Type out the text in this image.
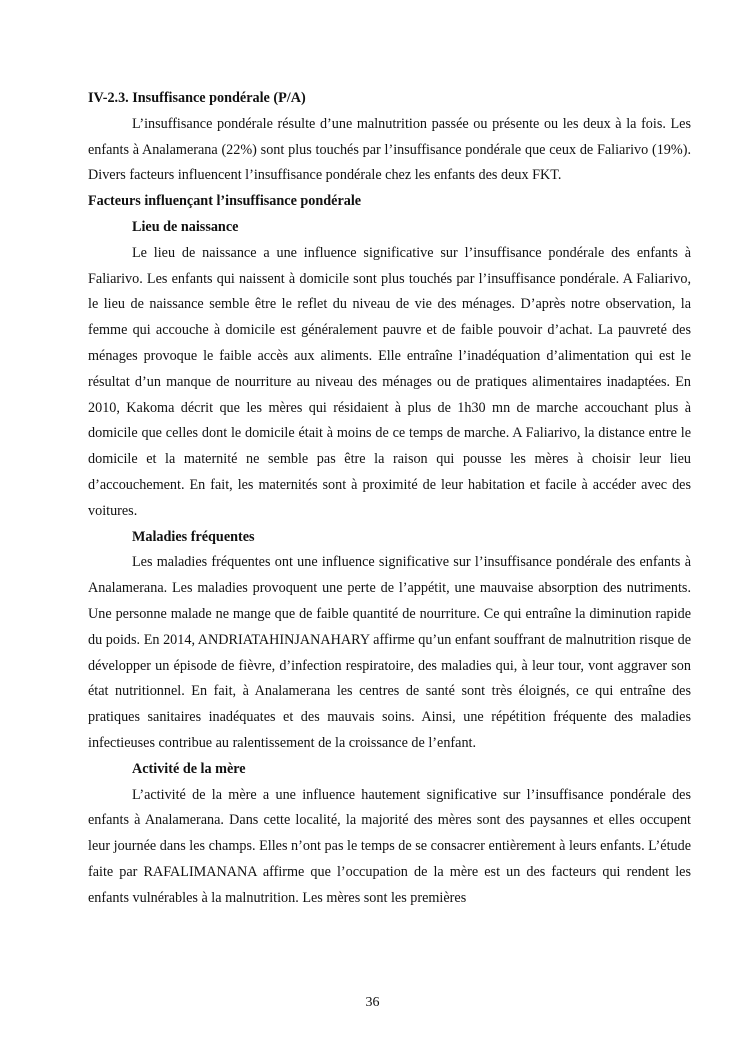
IV-2.3. Insuffisance pondérale (P/A)

L’insuffisance pondérale résulte d’une malnutrition passée ou présente ou les deux à la fois. Les enfants à Analamerana (22%) sont plus touchés par l’insuffisance pondérale que ceux de Faliarivo (19%). Divers facteurs influencent l’insuffisance pondérale chez les enfants des deux FKT.

Facteurs influençant l’insuffisance pondérale

Lieu de naissance

Le lieu de naissance a une influence significative sur l’insuffisance pondérale des enfants à Faliarivo. Les enfants qui naissent à domicile sont plus touchés par l’insuffisance pondérale. A Faliarivo, le lieu de naissance semble être le reflet du niveau de vie des ménages. D’après notre observation, la femme qui accouche à domicile est généralement pauvre et de faible pouvoir d’achat. La pauvreté des ménages provoque le faible accès aux aliments. Elle entraîne l’inadéquation d’alimentation qui est le résultat d’un manque de nourriture au niveau des ménages ou de pratiques alimentaires inadaptées. En 2010, Kakoma décrit que les mères qui résidaient à plus de 1h30 mn de marche accouchant plus à domicile que celles dont le domicile était à moins de ce temps de marche. A Faliarivo, la distance entre le domicile et la maternité ne semble pas être la raison qui pousse les mères à choisir leur lieu d’accouchement. En fait, les maternités sont à proximité de leur habitation et facile à accéder avec des voitures.

Maladies fréquentes

Les maladies fréquentes ont une influence significative sur l’insuffisance pondérale des enfants à Analamerana. Les maladies provoquent une perte de l’appétit, une mauvaise absorption des nutriments. Une personne malade ne mange que de faible quantité de nourriture. Ce qui entraîne la diminution rapide du poids. En 2014, ANDRIATAHINJANAHARY affirme qu’un enfant souffrant de malnutrition risque de développer un épisode de fièvre, d’infection respiratoire, des maladies qui, à leur tour, vont aggraver son état nutritionnel. En fait, à Analamerana les centres de santé sont très éloignés, ce qui entraîne des pratiques sanitaires inadéquates et des mauvais soins. Ainsi, une répétition fréquente des maladies infectieuses contribue au ralentissement de la croissance de l’enfant.

Activité de la mère

L’activité de la mère a une influence hautement significative sur l’insuffisance pondérale des enfants à Analamerana. Dans cette localité, la majorité des mères sont des paysannes et elles occupent leur journée dans les champs. Elles n’ont pas le temps de se consacrer entièrement à leurs enfants. L’étude faite par RAFALIMANANA affirme que l’occupation de la mère est un des facteurs qui rendent les enfants vulnérables à la malnutrition. Les mères sont les premières

36
